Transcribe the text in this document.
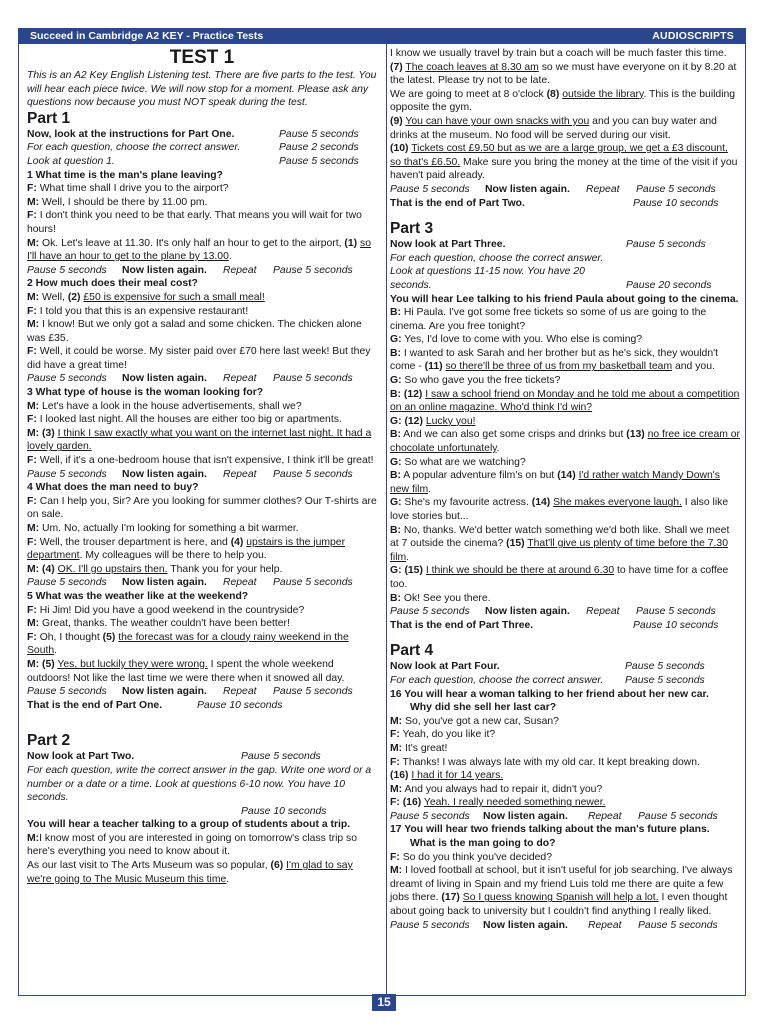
Succeed in Cambridge A2 KEY - Practice Tests	AUDIOSCRIPTS

TEST 1

This is an A2 Key English Listening test. There are five parts to the test. You will hear each piece twice. We will now stop for a moment. Please ask any questions now because you must NOT speak during the test.

Part 1

Now, look at the instructions for Part One.	Pause 5 seconds
For each question, choose the correct answer.	Pause 2 seconds
Look at question 1.	Pause 5 seconds

1 What time is the man's plane leaving?

F: What time shall I drive you to the airport?

M: Well, I should be there by 11.00 pm.

F: I don't think you need to be that early. That means you will wait for two hours!

M: Ok. Let's leave at 11.30. It's only half an hour to get to the airport, (1) so I'll have an hour to get to the plane by 13.00.

Pause 5 seconds Now listen again. Repeat Pause 5 seconds

2 How much does their meal cost?

M: Well, (2) £50 is expensive for such a small meal!

F: I told you that this is an expensive restaurant!

M: I know! But we only got a salad and some chicken. The chicken alone was £35.

F: Well, it could be worse. My sister paid over £70 here last week! But they did have a great time!

Pause 5 seconds Now listen again. Repeat Pause 5 seconds

3 What type of house is the woman looking for?

M: Let's have a look in the house advertisements, shall we?

F: I looked last night. All the houses are either too big or apartments.

M: (3) I think I saw exactly what you want on the internet last night. It had a lovely garden.

F: Well, if it's a one-bedroom house that isn't expensive, I think it'll be great!

Pause 5 seconds Now listen again. Repeat Pause 5 seconds

4 What does the man need to buy?

F: Can I help you, Sir? Are you looking for summer clothes? Our T-shirts are on sale.

M: Um. No, actually I'm looking for something a bit warmer.

F: Well, the trouser department is here, and (4) upstairs is the jumper department. My colleagues will be there to help you.

M: (4) OK. I'll go upstairs then. Thank you for your help.

Pause 5 seconds Now listen again. Repeat Pause 5 seconds

5 What was the weather like at the weekend?

F: Hi Jim! Did you have a good weekend in the countryside?

M: Great, thanks. The weather couldn't have been better!

F: Oh, I thought (5) the forecast was for a cloudy rainy weekend in the South.

M: (5) Yes, but luckily they were wrong. I spent the whole weekend outdoors! Not like the last time we were there when it snowed all day.

Pause 5 seconds Now listen again. Repeat Pause 5 seconds
That is the end of Part One.	Pause 10 seconds

Part 2

Now look at Part Two.	Pause 5 seconds

For each question, write the correct answer in the gap. Write one word or a number or a date or a time. Look at questions 6-10 now. You have 10 seconds.

Pause 10 seconds

You will hear a teacher talking to a group of students about a trip.

M:I know most of you are interested in going on tomorrow's class trip so here's everything you need to know about it.

As our last visit to The Arts Museum was so popular, (6) I'm glad to say we're going to The Music Museum this time.

I know we usually travel by train but a coach will be much faster this time. (7) The coach leaves at 8.30 am so we must have everyone on it by 8.20 at the latest. Please try not to be late.

We are going to meet at 8 o'clock (8) outside the library. This is the building opposite the gym.

(9) You can have your own snacks with you and you can buy water and drinks at the museum. No food will be served during our visit.

(10) Tickets cost £9.50 but as we are a large group, we get a £3 discount, so that's £6.50. Make sure you bring the money at the time of the visit if you haven't paid already.

Pause 5 seconds Now listen again. Repeat Pause 5 seconds
That is the end of Part Two.	Pause 10 seconds

Part 3

Now look at Part Three.	Pause 5 seconds

For each question, choose the correct answer. Look at questions 11-15 now. You have 20 seconds.	Pause 20 seconds

You will hear Lee talking to his friend Paula about going to the cinema.

B: Hi Paula. I've got some free tickets so some of us are going to the cinema. Are you free tonight?

G: Yes, I'd love to come with you. Who else is coming?

B: I wanted to ask Sarah and her brother but as he's sick, they wouldn't come - (11) so there'll be three of us from my basketball team and you.

G: So who gave you the free tickets?

B: (12) I saw a school friend on Monday and he told me about a competition on an online magazine. Who'd think I'd win?

G: (12) Lucky you!

B: And we can also get some crisps and drinks but (13) no free ice cream or chocolate unfortunately.

G: So what are we watching?

B: A popular adventure film's on but (14) I'd rather watch Mandy Down's new film.

G: She's my favourite actress. (14) She makes everyone laugh. I also like love stories but...

B: No, thanks. We'd better watch something we'd both like. Shall we meet at 7 outside the cinema? (15) That'll give us plenty of time before the 7.30 film.

G: (15) I think we should be there at around 6.30 to have time for a coffee too.

B: Ok! See you there.

Pause 5 seconds Now listen again. Repeat Pause 5 seconds
That is the end of Part Three.	Pause 10 seconds

Part 4

Now look at Part Four.	Pause 5 seconds
For each question, choose the correct answer. Pause 5 seconds

16 You will hear a woman talking to her friend about her new car.

Why did she sell her last car?

M: So, you've got a new car, Susan?

F: Yeah, do you like it?

M: It's great!

F: Thanks! I was always late with my old car. It kept breaking down.

(16) I had it for 14 years.

M: And you always had to repair it, didn't you?

F: (16) Yeah. I really needed something newer.

Pause 5 seconds Now listen again. Repeat Pause 5 seconds

17 You will hear two friends talking about the man's future plans.

What is the man going to do?

F: So do you think you've decided?

M: I loved football at school, but it isn't useful for job searching. I've always dreamt of living in Spain and my friend Luis told me there are quite a few jobs there. (17) So I guess knowing Spanish will help a lot. I even thought about going back to university but I couldn't find anything I really liked.

Pause 5 seconds Now listen again. Repeat Pause 5 seconds
15
